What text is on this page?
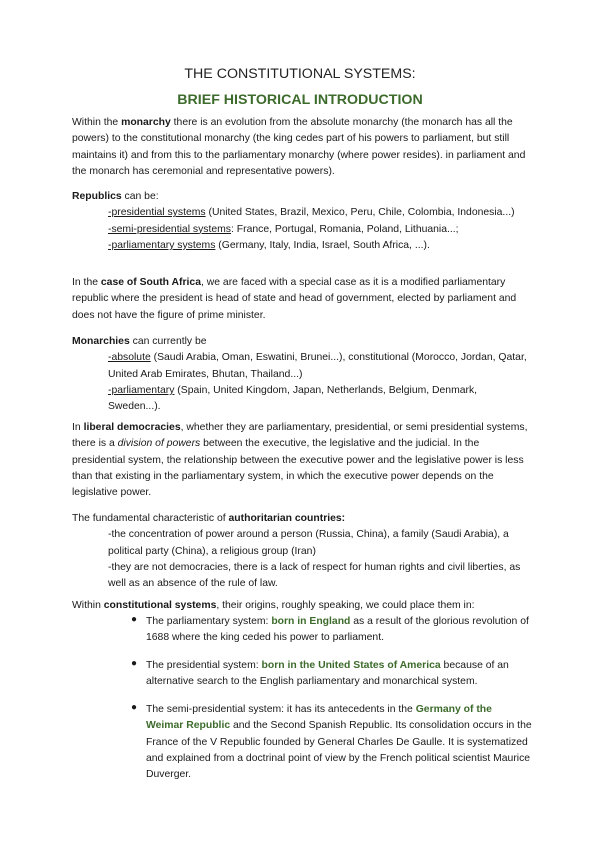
THE CONSTITUTIONAL SYSTEMS:
BRIEF HISTORICAL INTRODUCTION
Within the monarchy there is an evolution from the absolute monarchy (the monarch has all the powers) to the constitutional monarchy (the king cedes part of his powers to parliament, but still maintains it) and from this to the parliamentary monarchy (where power resides). in parliament and the monarch has ceremonial and representative powers).
Republics can be:
-presidential systems (United States, Brazil, Mexico, Peru, Chile, Colombia, Indonesia...)
-semi-presidential systems: France, Portugal, Romania, Poland, Lithuania...;
-parliamentary systems (Germany, Italy, India, Israel, South Africa, ...).
In the case of South Africa, we are faced with a special case as it is a modified parliamentary republic where the president is head of state and head of government, elected by parliament and does not have the figure of prime minister.
Monarchies can currently be
-absolute (Saudi Arabia, Oman, Eswatini, Brunei...), constitutional (Morocco, Jordan, Qatar, United Arab Emirates, Bhutan, Thailand...)
-parliamentary (Spain, United Kingdom, Japan, Netherlands, Belgium, Denmark, Sweden...).
In liberal democracies, whether they are parliamentary, presidential, or semi presidential systems, there is a division of powers between the executive, the legislative and the judicial. In the presidential system, the relationship between the executive power and the legislative power is less than that existing in the parliamentary system, in which the executive power depends on the legislative power.
The fundamental characteristic of authoritarian countries:
-the concentration of power around a person (Russia, China), a family (Saudi Arabia), a political party (China), a religious group (Iran)
-they are not democracies, there is a lack of respect for human rights and civil liberties, as well as an absence of the rule of law.
Within constitutional systems, their origins, roughly speaking, we could place them in:
● The parliamentary system: born in England as a result of the glorious revolution of 1688 where the king ceded his power to parliament.
● The presidential system: born in the United States of America because of an alternative search to the English parliamentary and monarchical system.
● The semi-presidential system: it has its antecedents in the Germany of the Weimar Republic and the Second Spanish Republic. Its consolidation occurs in the France of the V Republic founded by General Charles De Gaulle. It is systematized and explained from a doctrinal point of view by the French political scientist Maurice Duverger.
